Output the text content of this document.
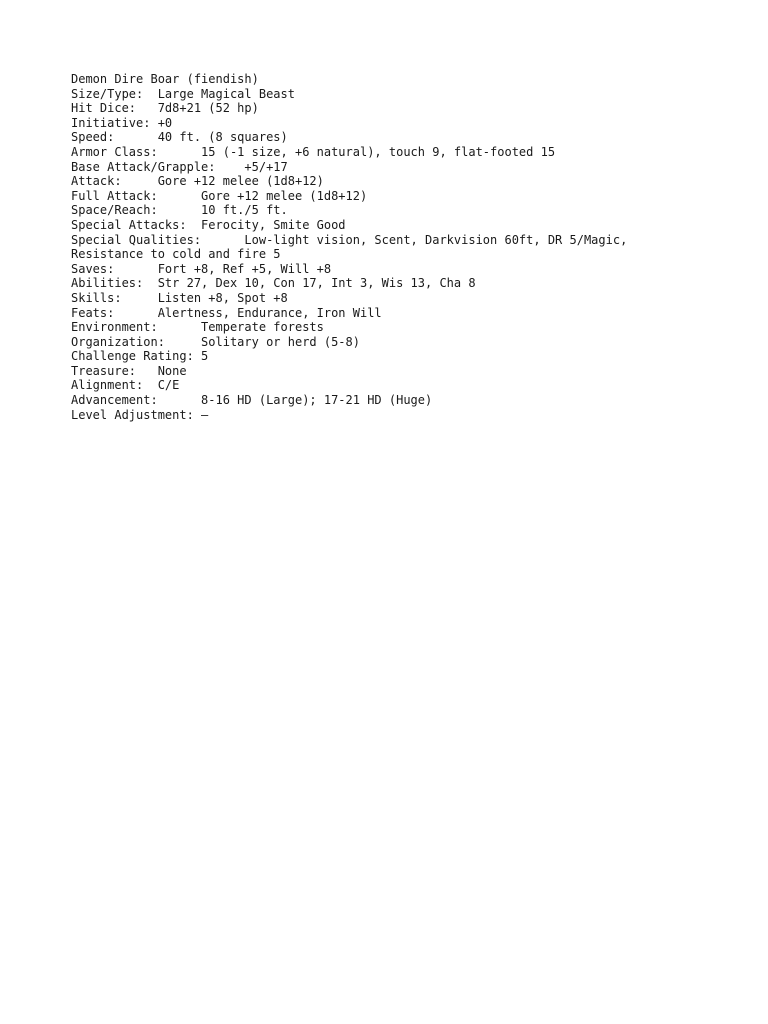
Demon Dire Boar (fiendish)
Size/Type:  Large Magical Beast
Hit Dice:   7d8+21 (52 hp)
Initiative: +0
Speed:      40 ft. (8 squares)
Armor Class:      15 (-1 size, +6 natural), touch 9, flat-footed 15
Base Attack/Grapple:    +5/+17
Attack:     Gore +12 melee (1d8+12)
Full Attack:      Gore +12 melee (1d8+12)
Space/Reach:      10 ft./5 ft.
Special Attacks:  Ferocity, Smite Good
Special Qualities:      Low-light vision, Scent, Darkvision 60ft, DR 5/Magic,
Resistance to cold and fire 5
Saves:      Fort +8, Ref +5, Will +8
Abilities:  Str 27, Dex 10, Con 17, Int 3, Wis 13, Cha 8
Skills:     Listen +8, Spot +8
Feats:      Alertness, Endurance, Iron Will
Environment:      Temperate forests
Organization:     Solitary or herd (5-8)
Challenge Rating: 5
Treasure:   None
Alignment:  C/E
Advancement:      8-16 HD (Large); 17-21 HD (Huge)
Level Adjustment: —
